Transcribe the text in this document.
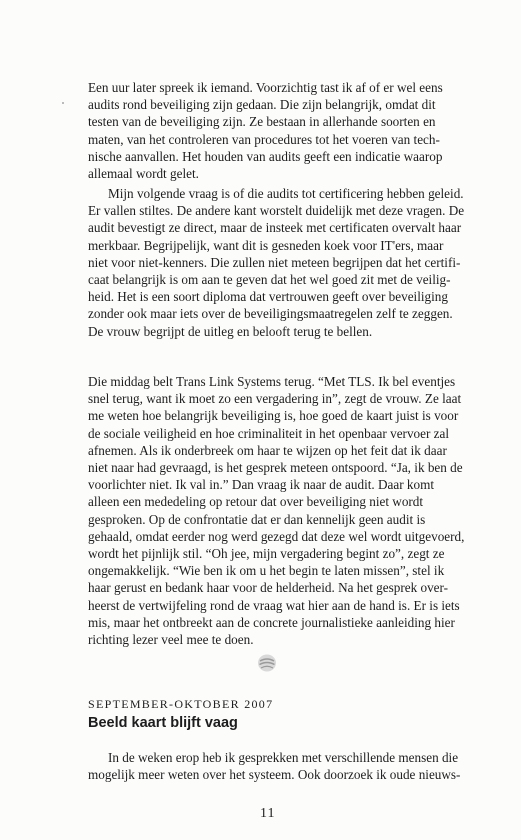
Een uur later spreek ik iemand. Voorzichtig tast ik af of er wel eens
audits rond beveiliging zijn gedaan. Die zijn belangrijk, omdat dit
testen van de beveiliging zijn. Ze bestaan in allerhande soorten en
maten, van het controleren van procedures tot het voeren van tech-
nische aanvallen. Het houden van audits geeft een indicatie waarop
allemaal wordt gelet.

Mijn volgende vraag is of die audits tot certificering hebben geleid.
Er vallen stiltes. De andere kant worstelt duidelijk met deze vragen. De
audit bevestigt ze direct, maar de insteek met certificaten overvalt haar
merkbaar. Begrijpelijk, want dit is gesneden koek voor IT'ers, maar
niet voor niet-kenners. Die zullen niet meteen begrijpen dat het certifi-
caat belangrijk is om aan te geven dat het wel goed zit met de veilig-
heid. Het is een soort diploma dat vertrouwen geeft over beveiliging
zonder ook maar iets over de beveiligingsmaatregelen zelf te zeggen.
De vrouw begrijpt de uitleg en belooft terug te bellen.

Die middag belt Trans Link Systems terug. “Met TLS. Ik bel eventjes
snel terug, want ik moet zo een vergadering in”, zegt de vrouw. Ze laat
me weten hoe belangrijk beveiliging is, hoe goed de kaart juist is voor
de sociale veiligheid en hoe criminaliteit in het openbaar vervoer zal
afnemen. Als ik onderbreek om haar te wijzen op het feit dat ik daar
niet naar had gevraagd, is het gesprek meteen ontspoord. “Ja, ik ben de
voorlichter niet. Ik val in.” Dan vraag ik naar de audit. Daar komt
alleen een mededeling op retour dat over beveiliging niet wordt
gesproken. Op de confrontatie dat er dan kennelijk geen audit is
gehaald, omdat eerder nog werd gezegd dat deze wel wordt uitgevoerd,
wordt het pijnlijk stil. “Oh jee, mijn vergadering begint zo”, zegt ze
ongemakkelijk. “Wie ben ik om u het begin te laten missen”, stel ik
haar gerust en bedank haar voor de helderheid. Na het gesprek over-
heerst de vertwijfeling rond de vraag wat hier aan de hand is. Er is iets
mis, maar het ontbreekt aan de concrete journalistieke aanleiding hier
richting lezer veel mee te doen.

SEPTEMBER-OKTOBER 2007
Beeld kaart blijft vaag

In de weken erop heb ik gesprekken met verschillende mensen die
mogelijk meer weten over het systeem. Ook doorzoek ik oude nieuws-

11
